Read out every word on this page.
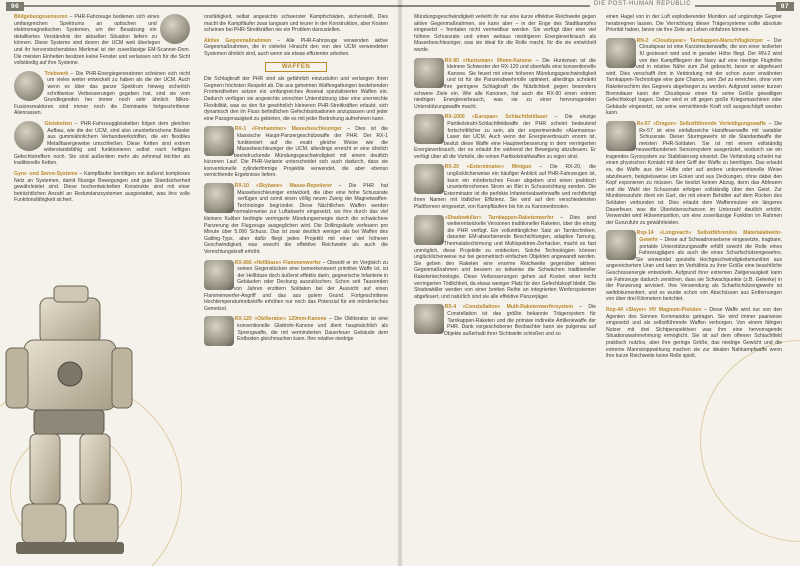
96

Bildgebungssensoren – PHR-Fahrzeuge bedienen sich eines umfangreichen Spektrums an optischen und elektromagnetischen Systemen, um der Besatzung ein detailliertes Verständnis der aktuellen Situation liefern zu können. Diese Systeme sind denen der UCM weit überlegen und ihr hervorstechendstes Merkmal ist der zuverlässige EM-Scanner-Dom. Die meisten Einheiten besitzen keine Fenster und verlassen sich für die Sicht vollständig auf ihre Systeme.

Triebwerk – Die PHR-Energiegeneratoren scheinen sich nicht um vieles weiter entwickelt zu haben als die der UCM. Auch wenn es über das ganze Spektrum hinweg sicherlich schrittweise Verbesserungen gegeben hat, sind sie vom Grundlegenden her immer noch sehr ähnlich. Mikro-Fusionsreaktoren sind immer noch die Dominante fortgeschrittener Alienrassen.

Gleisketten – PHR-Fahrzeuggleisketten folgen dem gleichen Aufbau, wie die der UCM, sind also ununterbrochene Bänder aus gummiähnlichem Verbundwerkstoffen, die ein flexibles Metallfasergewebe umschließen. Diese Ketten sind extrem widerstandsfähig und funktionieren selbst nach heftigen Gefechtstreffern noch. Sie sind außerdem mehr als zehnmal leichter als traditionelle Ketten.

Gyro- und Servo-Systeme – Kampfläufer benötigen ein äußerst komplexes Netz an Systemen, damit flüssige Bewegungen und gute Standsicherheit gewährleistet sind. Diese hochentwickelten Konstrukte sind mit einer beträchtlichen Anzahl an Redundanzsystemen ausgestattet, was ihre volle Funktionsfähigkeit sichert.

onsfähigkeit, selbst angesichts schwerster Kampfschäden, sicherstellt. Dies macht die Kampfläufer zwar langsam und teurer in der Konstruktion, aber Kosten scheinen bei PHR-Streitkräften nie ein Problem darzustellen.

Aktive Gegenmaßnahmen – Alle PHR-Fahrzeuge verwenden aktive Gegenmaßnahmen, die in vielerlei Hinsicht den von den UCM verwendeten Systemen ähnlich sind, auch wenn sie etwas effizienter arbeiten.

WAFFEN

Die Schlagkraft der PHR sind als gefährlich einzustufen und verlangen ihren Gegnern höchsten Respekt ab. Die aus geheimen Waffengattungen bestehenden Frontendheiten setzen ein umfangreiches Arsenal spezialisierter Waffen ein. Dadurch verfügen sie angesichts unrechter Unterstützung über eine unerreichte Flexibilität, was es den für gewöhnlich kleineren PHR-Streitkräften erlaubt, sich dynamisch den im Fluss befindlichen Gefechtssituationen anzupassen und jeder eine Passgenauigkeit zu gebieten, die es mit jeder Bedrohung aufnehmen kann.

RX-1 «Firehammer» Massebeschleuniger – Dies ist die klassische Haupt-Panzergeschützwaffe der PHR. Der RX-1 funktioniert auf die exakt gleiche Weise wie die Massebeschleuniger der UCM, allerdings erreicht er eine ähnlich beeindruckende Mündungsgeschwindigkeit mit einem deutlich kürzeren Lauf. Die PHR-Variante unterscheidet sich auch dadurch, dass sie konventionelle zylinderförmige Projektile verwendet, die aber ebenso vernichtende Ergebnisse liefern.

RX-10 «Skybane» Masse-Repetierer – Die PHR hat Massebeschleuniger entwickelt, die über eine hohe Schussrate verfügen und somit einen völlig neuen Zweig der Magnetwaffen-Technologie begründet. Diese Nächtlichen Waffen werden normalerweise zur Luftabwehr eingesetzt, wo ihre durch das viel kleinere Kaliber bedingte verringerte Mündungsenergie durch die schwächere Panzerung der Flugzeuge ausgeglichen wird. Die Drillingsläufe verfeuern pro Minute über 5.000 Schuss. Das ist zwar deutlich weniger als bei Waffen des Gatling-Typs, aber dafür fliegt jedes Projektil mit einer viel höheren Geschwindigkeit, was sowohl die effektive Reichweite als auch die Vernichtungskraft erhöht.

RX-666 «Hellblaze» Flammenwerfer – Obwohl er im Vergleich zu seinen Gegenstücken eine bemerkenswert primitive Waffe ist, ist der Hellblaze doch äußerst effektiv darin, gegnerische Infanterie in Gebäuden oder Deckung auszulöschen. Schon seit Tausenden von Jahren erzittern Soldaten bei der Aussicht auf einen Flammenwerfer-Angriff und das aus gutem Grund. Fortgeschrittene Hochtemperaturtreibstoffe erhöhen nur noch das Potenzial für ein mörderisches Gemetzel.

RX-120 «Obliterator» 120mm-Kanone – Die Obliterator ist eine konventionelle Glattrohr-Kanone und dient hauptsächlich als Sprengwaffe, die mit verminderten Dauerfeuer Gebäude dem Erdboden gleichmachen kann. Ihre relative niedrige

DIE POST-HUMAN REPUBLIC	97

Mündungsgeschwindigkeit verleiht ihr nur eine kurze effektive Reichweite gegen aktive Gegenmaßnahmen, sie kann aber – in der Enge des Stadtkampfes eingesetzt – frontalen nicht vermeidbar werden. Sie verfügt über eine viel höhere Schussrate und einen weitaus niedrigeren Energieverbrauch als Massebeschleuniger, was sie ideal für die Rolle macht, für die sie entwickelt wurde.

RX-90 «Huntsman» 90mm-Kanone – Die Huntsman ist die kleinere Schwester der RX-120 und ebenfalls eine konventionelle Kanone. Sie feuert mit einer höheren Mündungsgeschwindigkeit und ist für die Panzerabwehrrolle optimiert, allerdings schränkt ihre geringere Schlagkraft die Nützlichkeit gegen besonders schwere Ziele ein. Wie alle Kanonen, hat auch die RX-90 einen extrem niedrigen Energieverbrauch, was sie zu einer hervorragenden Unterstützungswaffe macht.

RX-1000 «Europae» Schlachtfeldlaser – Die einzige Partikelstrahl-Schlachtfeldwaffe der PHR scheint bedeutend fortschrittlicher zu sein, als der experimentelle «Alarmanna» Laser der UCM. Auch wenn der Energieverbrauch enorm ist, besitzt diese Waffe eine Hauptverbesserung in dem verringerten Energieverbrauch, der es erlaubt ihn während der Bewegung abzufeuern. Er verfügt über all die Vorteile, die reinen Partikelstrahlwaffen zu eigen sind.

RX-20 «Exterminator» Minigun – Die RX-20, die unglücklicherweise ein häufiger Anblick auf PHR-Fahrzeugen ist, kann ein mörderisches Feuer abgeben und einen praktisch ununterbrochenen Strom an Blei in Schussrichtung senden. Die Exterminator ist die perfekte Infanterieabwehrwaffe und rechtfertigt ihren Namen mit tödlicher Effizienz. Sie wird auf den verschiedensten Plattformen eingesetzt, von Kampfläufern bis hin zu Kanonenbooten.

«Shadowkiller» Tarnkappen-Raketenwerfer – Dies sind weiterentwickelte Versionen traditioneller Raketen, über die einzig die PHR verfügt. Ein vollumfänglicher Satz an Tarntechniken, darunter EM-absorbierende Beschichtungen, adaptive Tarnung, Thermalabschirmung und Multispektren-Zerhacker, macht es fast unmöglich, diese Projektile zu entdecken. Solche Technologien können unglücklicherweise nur bei geometrisch einfachen Objekten angewandt werden. Sie geben den Raketen eine enorme Reichweite gegenüber aktiven Gegenmaßnahmen und bessern so teilweise die Schwächen traditioneller Raketentechnologie. Diese Verbesserungen gehen auf Kosten einer leicht verringerten Tödlichkeit, da etwas weniger Platz für den Gefechtskopf bleibt. Die Shadowkiller werden von einer breiten Reihe an integrierten Werfersystemen abgefeuert, und natürlich sind sie alle effektive Panzerjäger.

RX-4 «Constellation» Multi-Raketenwerfersystem – Die Constellation ist das größte bekannte Trägersystem für Tarnkappen-Raketen und die primäre indirekte Artilleriewaffe der PHR. Dank vorgeschobener Beobachter kann sie pulgenau auf Objekte außerhalb ihrer Sichtweite schießen und so

einen Hagel von in der Luft explodierender Munition auf ungünstige Gegner herabregnen lassen. Die Vernichtung dieser Trägersysteme sollte absolute Priorität haben, bevor sie ihre Ziele an Leben einfahren können.

RN-2 «Cloudspear» Tarnkappen-Marschflugkörper – Der Cloudspear ist eine Kurzstreckenwaffe, die von einer isolierten Kl gesteuert wird und in gerader Höhe fliegt. Der RN-2 wird von den Kampffliegern der Navy auf eine niedrige Flughöhe und in relative Nähe zum Ziel gebracht, bevor er abgefeuert wird. Dies verschafft ihm in Verbindung mit der schon zuvor erwähnten Tarnkappen-Technologie eine gute Chance, sein Ziel zu erreichen, ohne vom Raketenschirm des Gegners abgefangen zu werden. Aufgrund seiner kurzen Brenndauer kann der Cloudspear einen für seine Größe gewaltigen Gefechtskopf tragen. Daher wird er oft gegen große Kriegsmaschinen oder Gebäude eingesetzt, wo seine vernichtende Kraft voll ausgeschöpft werden kann.

Rx-57 «Dragon» Selbstführende Verteidigungswaffe – Die Rx-57 ist eine einfallsreiche Handfeuerwaffe mit variabler Schussrate. Dieser Sturmgewehr ist die Standardwaffe der meisten PHR-Soldaten. Sie ist mit einem vollständig neuwertbundenen Sensorsystem ausgerüstet, wodurch sie ein tragendes Gyrosystem zur Stabilisierung einsetzt. Die Verbindung scheint nur einen physischen Kontakt mit dem Griff der Waffe zu benötigen. Das erlaubt es, die Waffe aus der Hüfte oder auf andere unkonventionelle Weise abzufeuern, beispielsweise um Ecken und aus Deckungen, ohne dabei den Kopf exponieren zu müssen. Sie besitzt keinen Abzug, denn das Abfeuern und die Wahl der Schussrate erfolgen vollständig über den Geist. Zur Munitionszufuhr dient ein Gurt, der mit einem Behälter auf dem Rücken des Soldaten verbunden ist. Dies erlaubt dem Waffenmutzer ein längeres Dauerfeuer, was die Überlebenschancen im Unterzahl deutlich erhöht. Verwendet wird Hülsenmunition, um eine zuverlässige Funktion im Rahmen der Gunzufuhr zu gewährleisten.

Rxp-14 «Longreach» Selbstführendes Materialabwehr-Gewehr – Diese auf Schwadronsebene eingesetzte, tragbare, portable Unterstützungswaffe erfüllt sowohl die Rolle eines Fahrzeugjägers als auch die eines Scharfschützengewehrs. Sie verwendet spezielle Hochgeschwindigkeitsmunition aus angereichertem Uran und kann im Verhältnis zu ihrer Größe eine beachtliche Geschossenergie entwickeln. Aufgrund ihrer extremen Zielgenauigkeit kann sie Fahrzeuge dadurch zerstören, dass sie Schwachpunkte (z.B. Gelenke) in der Panzerung anvisiert. Ihre Verwendung als Scharfschützengewehr ist weltdokumentiert, und es wurde schon von Abschüssen aus Entfernungen von über drei Kilometern berichtet.

Rxp-44 «Slayer» HV Magnum-Pistolen – Diese Waffe wird nur von den Agenten des Sonnen Kommandos getragen. Sie wird immer paarweise eingesetzt und als selbstführende Waffen verborgen. Von einem fähigen Nutzer mit drei Sichtperspektiven was ihm eine hervorragende Situationswahrnehmung ermöglicht. Sie ist auf dem offenen Schlachtfeld praktisch nutzlos, aber ihre geringe Größe, das niedrige Gewicht und die extreme Mannstoppwirkung machen sie zur idealen Nahkampfwaffe wenn ihre kurze Reichweite keine Rolle spielt.
